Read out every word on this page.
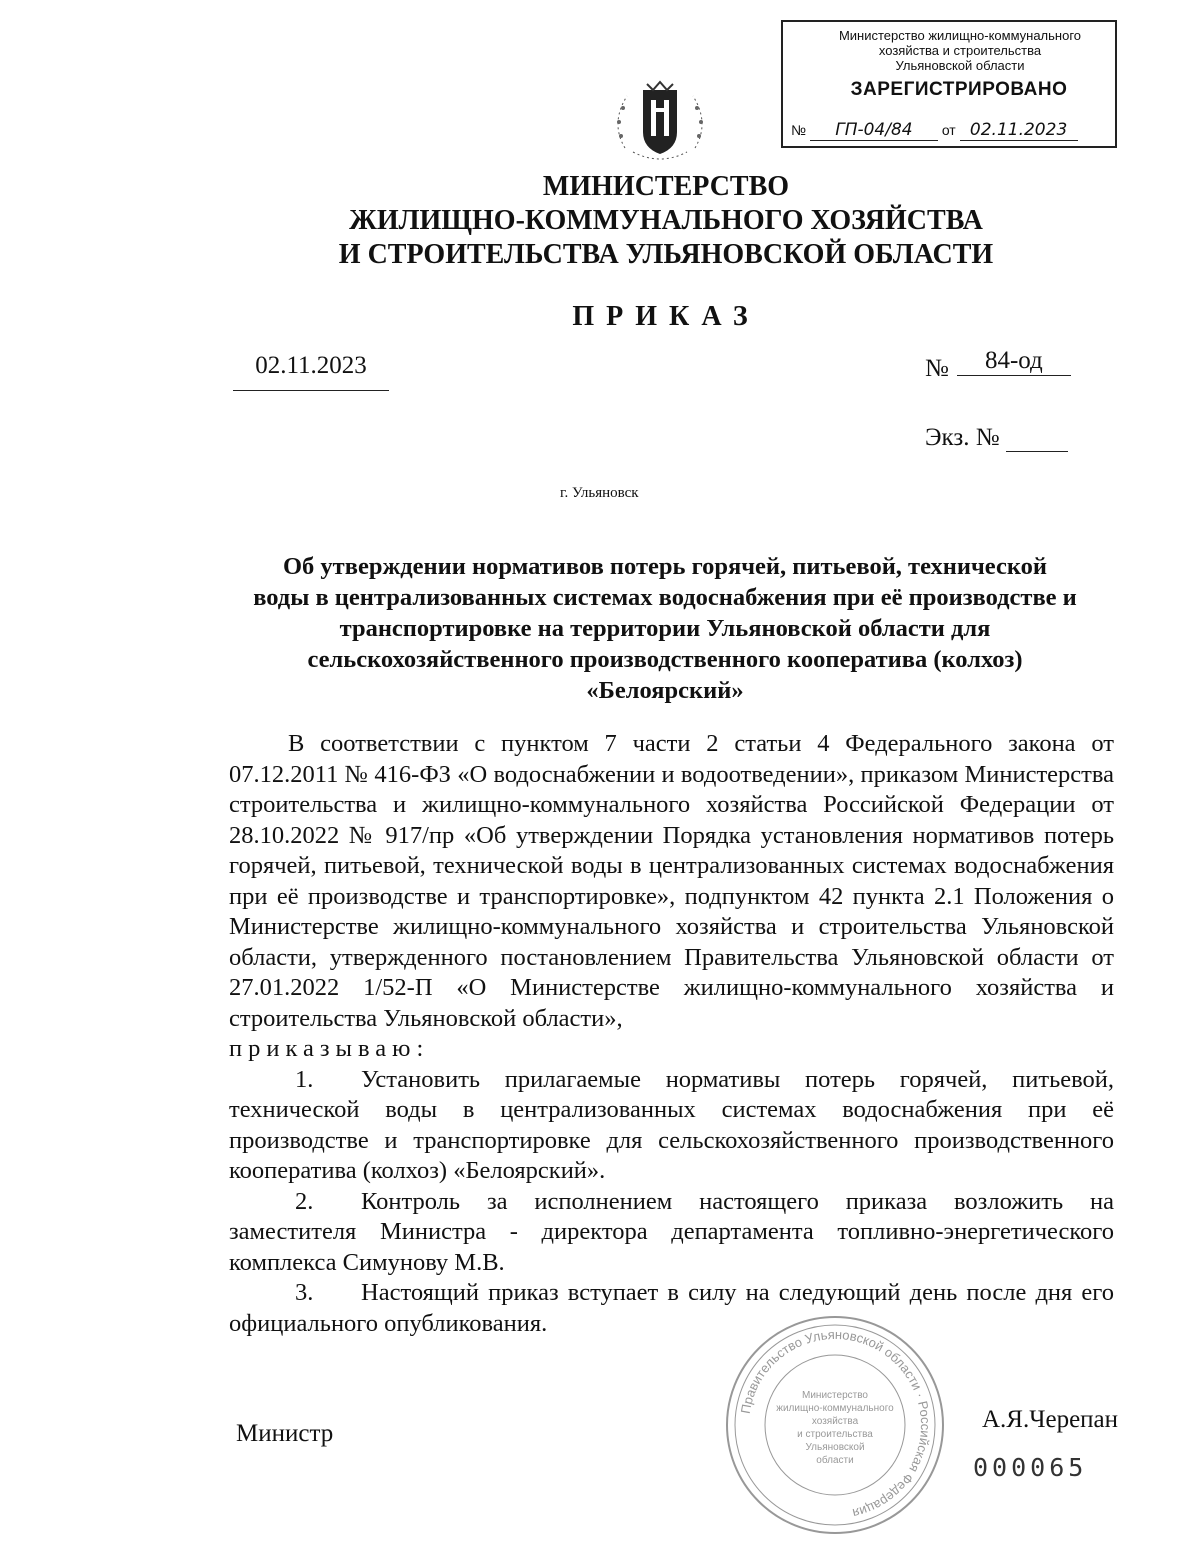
Министерство жилищно-коммунального
хозяйства и строительства
Ульяновской области
ЗАРЕГИСТРИРОВАНО
№ ГП-04/84 от 02.11.2023
МИНИСТЕРСТВО
ЖИЛИЩНО-КОММУНАЛЬНОГО ХОЗЯЙСТВА
И СТРОИТЕЛЬСТВА УЛЬЯНОВСКОЙ ОБЛАСТИ
ПРИКАЗ
02.11.2023	№ 84-од
Экз. №
г. Ульяновск
Об утверждении нормативов потерь горячей, питьевой, технической
воды в централизованных системах водоснабжения при её производстве и
транспортировке на территории Ульяновской области для
сельскохозяйственного производственного кооператива (колхоз)
«Белоярский»

В соответствии с пунктом 7 части 2 статьи 4 Федерального закона от 07.12.2011 № 416-ФЗ «О водоснабжении и водоотведении», приказом Министерства строительства и жилищно-коммунального хозяйства Российской Федерации от 28.10.2022 № 917/пр «Об утверждении Порядка установления нормативов потерь горячей, питьевой, технической воды в централизованных системах водоснабжения при её производстве и транспортировке», подпунктом 42 пункта 2.1 Положения о Министерстве жилищно-коммунального хозяйства и строительства Ульяновской области, утвержденного постановлением Правительства Ульяновской области от 27.01.2022 1/52-П «О Министерстве жилищно-коммунального хозяйства и строительства Ульяновской области»,

приказываю:

1. Установить прилагаемые нормативы потерь горячей, питьевой, технической воды в централизованных системах водоснабжения при её производстве и транспортировке для сельскохозяйственного производственного кооператива (колхоз) «Белоярский».

2. Контроль за исполнением настоящего приказа возложить на заместителя Министра - директора департамента топливно-энергетического комплекса Симунову М.В.

3. Настоящий приказ вступает в силу на следующий день после дня его официального опубликования.

Правительство Ульяновской области · Российская Федерация
Министерство
жилищно-коммунального
хозяйства
и строительства
Ульяновской
области
Министр
А.Я.Черепан
000065
